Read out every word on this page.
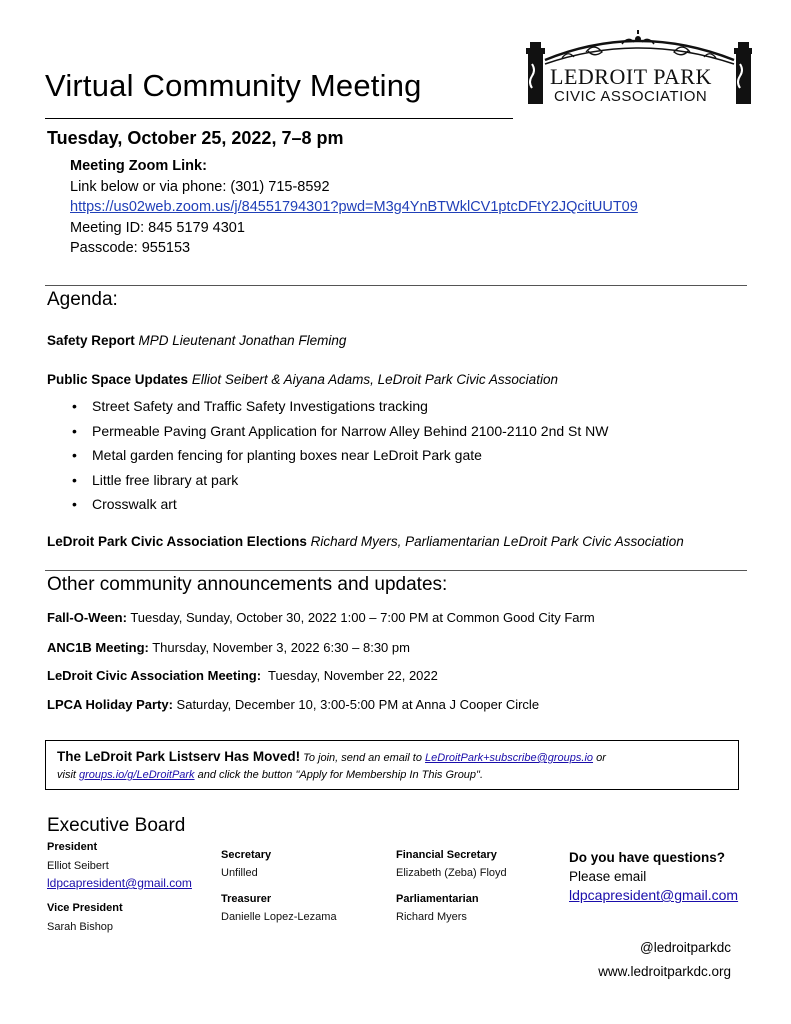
LEDROIT PARK
CIVIC ASSOCIATION
Virtual Community Meeting
Tuesday, October 25, 2022, 7–8 pm
Meeting Zoom Link:
Link below or via phone: (301) 715-8592
https://us02web.zoom.us/j/84551794301?pwd=M3g4YnBTWklCV1ptcDFtY2JQcitUUT09
Meeting ID: 845 5179 4301
Passcode: 955153
Agenda:
Safety Report MPD Lieutenant Jonathan Fleming
Public Space Updates Elliot Seibert & Aiyana Adams, LeDroit Park Civic Association
• Street Safety and Traffic Safety Investigations tracking
• Permeable Paving Grant Application for Narrow Alley Behind 2100-2110 2nd St NW
• Metal garden fencing for planting boxes near LeDroit Park gate
• Little free library at park
• Crosswalk art
LeDroit Park Civic Association Elections Richard Myers, Parliamentarian LeDroit Park Civic Association
Other community announcements and updates:
Fall-O-Ween: Tuesday, Sunday, October 30, 2022 1:00 – 7:00 PM at Common Good City Farm
ANC1B Meeting: Thursday, November 3, 2022 6:30 – 8:30 pm
LeDroit Civic Association Meeting:  Tuesday, November 22, 2022
LPCA Holiday Party: Saturday, December 10, 3:00-5:00 PM at Anna J Cooper Circle
The LeDroit Park Listserv Has Moved! To join, send an email to LeDroitPark+subscribe@groups.io or
visit groups.io/g/LeDroitPark and click the button "Apply for Membership In This Group".
Executive Board
President
Elliot Seibert
ldpcapresident@gmail.com
Vice President
Sarah Bishop
Secretary
Unfilled
Treasurer
Danielle Lopez-Lezama
Financial Secretary
Elizabeth (Zeba) Floyd
Parliamentarian
Richard Myers
Do you have questions?
Please email
ldpcapresident@gmail.com
@ledroitparkdc
www.ledroitparkdc.org
